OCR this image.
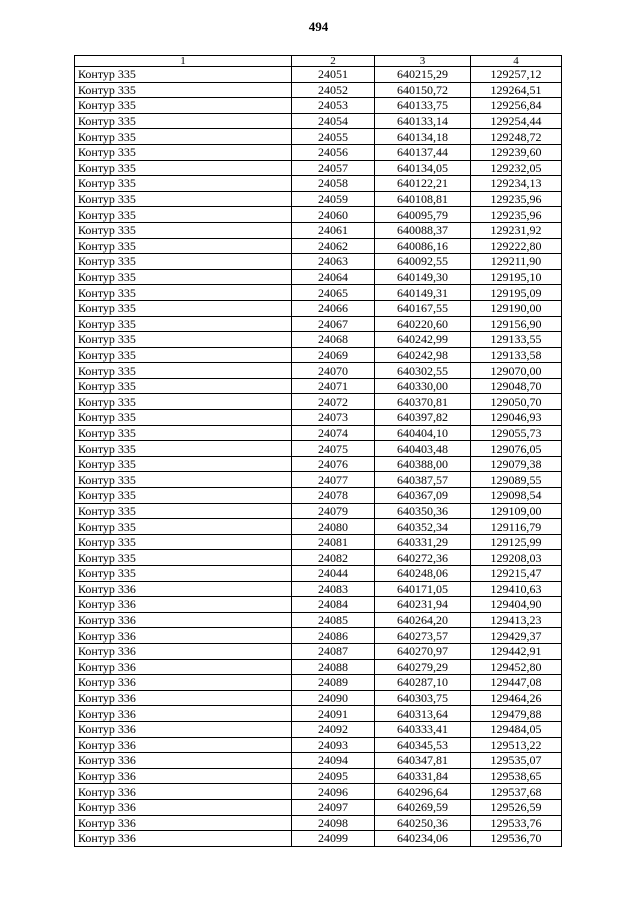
494
1	2	3	4
Контур 335	24051	640215,29	129257,12
Контур 335	24052	640150,72	129264,51
Контур 335	24053	640133,75	129256,84
Контур 335	24054	640133,14	129254,44
Контур 335	24055	640134,18	129248,72
Контур 335	24056	640137,44	129239,60
Контур 335	24057	640134,05	129232,05
Контур 335	24058	640122,21	129234,13
Контур 335	24059	640108,81	129235,96
Контур 335	24060	640095,79	129235,96
Контур 335	24061	640088,37	129231,92
Контур 335	24062	640086,16	129222,80
Контур 335	24063	640092,55	129211,90
Контур 335	24064	640149,30	129195,10
Контур 335	24065	640149,31	129195,09
Контур 335	24066	640167,55	129190,00
Контур 335	24067	640220,60	129156,90
Контур 335	24068	640242,99	129133,55
Контур 335	24069	640242,98	129133,58
Контур 335	24070	640302,55	129070,00
Контур 335	24071	640330,00	129048,70
Контур 335	24072	640370,81	129050,70
Контур 335	24073	640397,82	129046,93
Контур 335	24074	640404,10	129055,73
Контур 335	24075	640403,48	129076,05
Контур 335	24076	640388,00	129079,38
Контур 335	24077	640387,57	129089,55
Контур 335	24078	640367,09	129098,54
Контур 335	24079	640350,36	129109,00
Контур 335	24080	640352,34	129116,79
Контур 335	24081	640331,29	129125,99
Контур 335	24082	640272,36	129208,03
Контур 335	24044	640248,06	129215,47
Контур 336	24083	640171,05	129410,63
Контур 336	24084	640231,94	129404,90
Контур 336	24085	640264,20	129413,23
Контур 336	24086	640273,57	129429,37
Контур 336	24087	640270,97	129442,91
Контур 336	24088	640279,29	129452,80
Контур 336	24089	640287,10	129447,08
Контур 336	24090	640303,75	129464,26
Контур 336	24091	640313,64	129479,88
Контур 336	24092	640333,41	129484,05
Контур 336	24093	640345,53	129513,22
Контур 336	24094	640347,81	129535,07
Контур 336	24095	640331,84	129538,65
Контур 336	24096	640296,64	129537,68
Контур 336	24097	640269,59	129526,59
Контур 336	24098	640250,36	129533,76
Контур 336	24099	640234,06	129536,70
